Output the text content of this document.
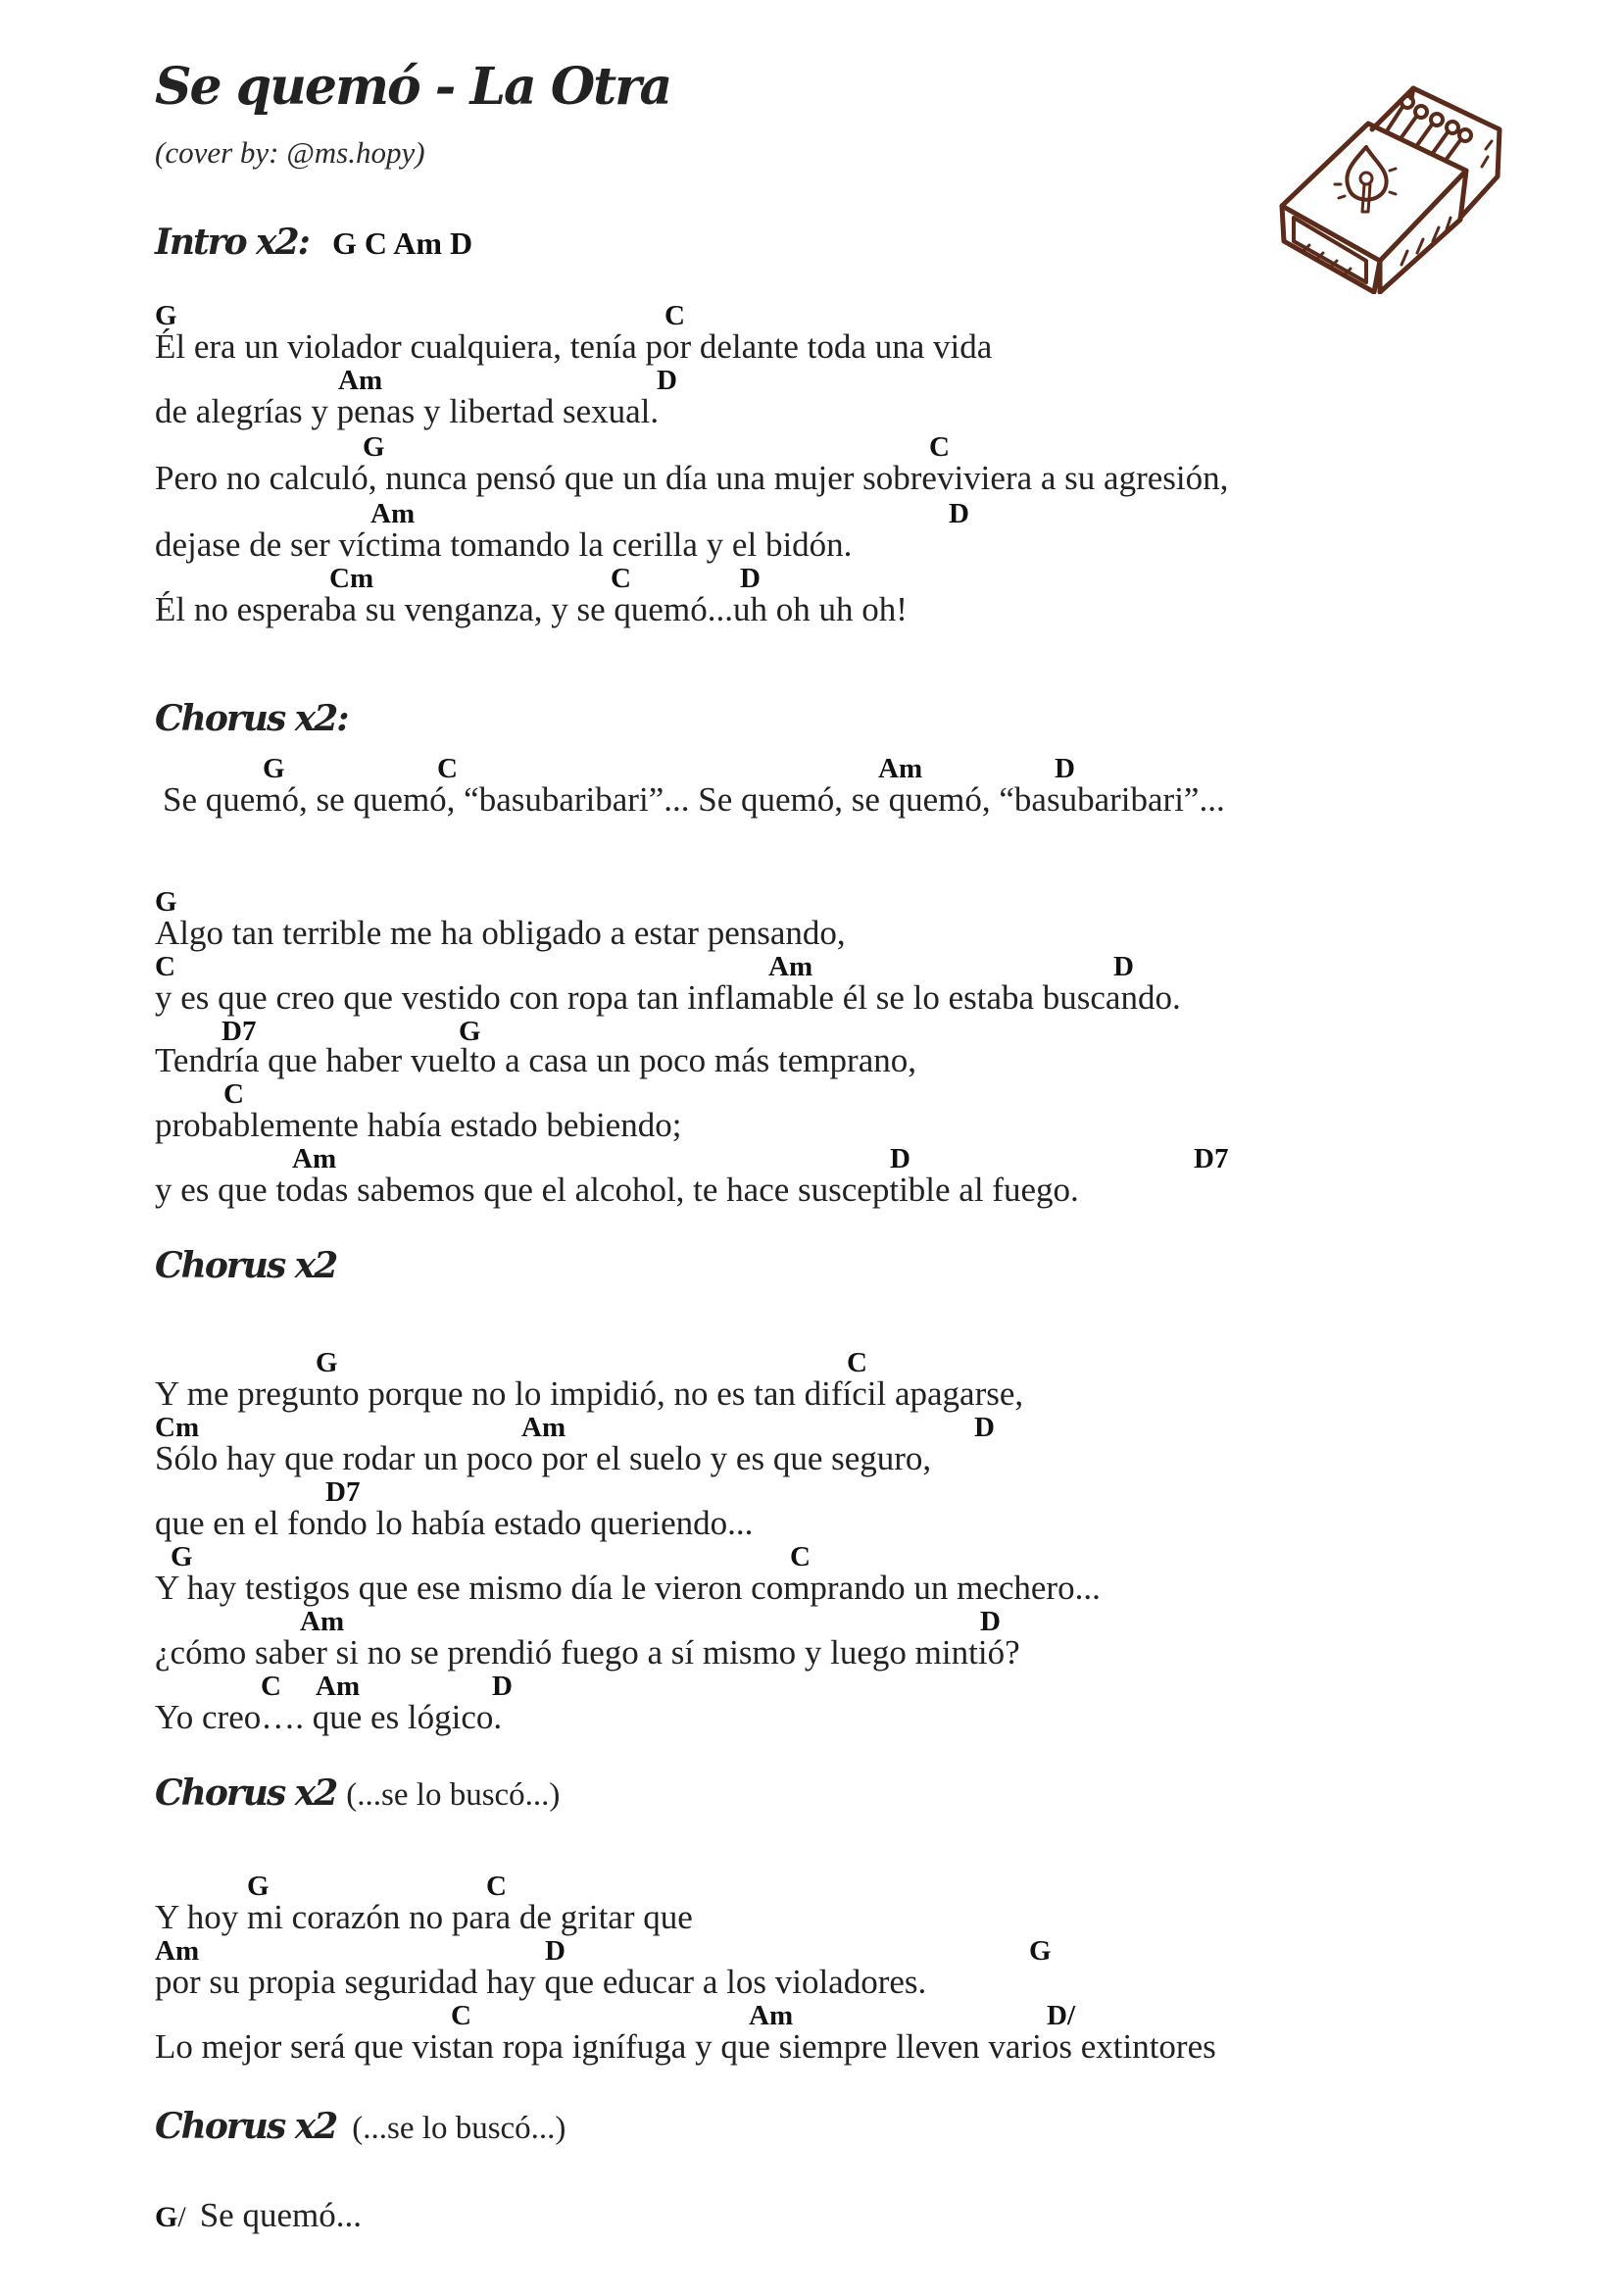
Se quemó - La Otra
(cover by: @ms.hopy)
Intro x2: G C Am D
G	C
Él era un violador cualquiera, tenía por delante toda una vida
Am	D
de alegrías y penas y libertad sexual.
G	C
Pero no calculó, nunca pensó que un día una mujer sobreviviera a su agresión,
Am	D
dejase de ser víctima tomando la cerilla y el bidón.
Cm	C	D
Él no esperaba su venganza, y se quemó...uh oh uh oh!
Chorus x2:
G	C	Am	D
Se quemó, se quemó, “basubaribari”... Se quemó, se quemó, “basubaribari”...
G
Algo tan terrible me ha obligado a estar pensando,
C	Am	D
y es que creo que vestido con ropa tan inflamable él se lo estaba buscando.
D7	G
Tendría que haber vuelto a casa un poco más temprano,
C
probablemente había estado bebiendo;
Am	D	D7
y es que todas sabemos que el alcohol, te hace susceptible al fuego.
Chorus x2
G	C
Y me pregunto porque no lo impidió, no es tan difícil apagarse,
Cm	Am	D
Sólo hay que rodar un poco por el suelo y es que seguro,
D7
que en el fondo lo había estado queriendo...
G	C
Y hay testigos que ese mismo día le vieron comprando un mechero...
Am	D
¿cómo saber si no se prendió fuego a sí mismo y luego mintió?
C Am	D
Yo creo…. que es lógico.
Chorus x2 (...se lo buscó...)
G	C
Y hoy mi corazón no para de gritar que
Am	D	G
por su propia seguridad hay que educar a los violadores.
C	Am	D/
Lo mejor será que vistan ropa ignífuga y que siempre lleven varios extintores
Chorus x2 (...se lo buscó...)
G/ Se quemó...
